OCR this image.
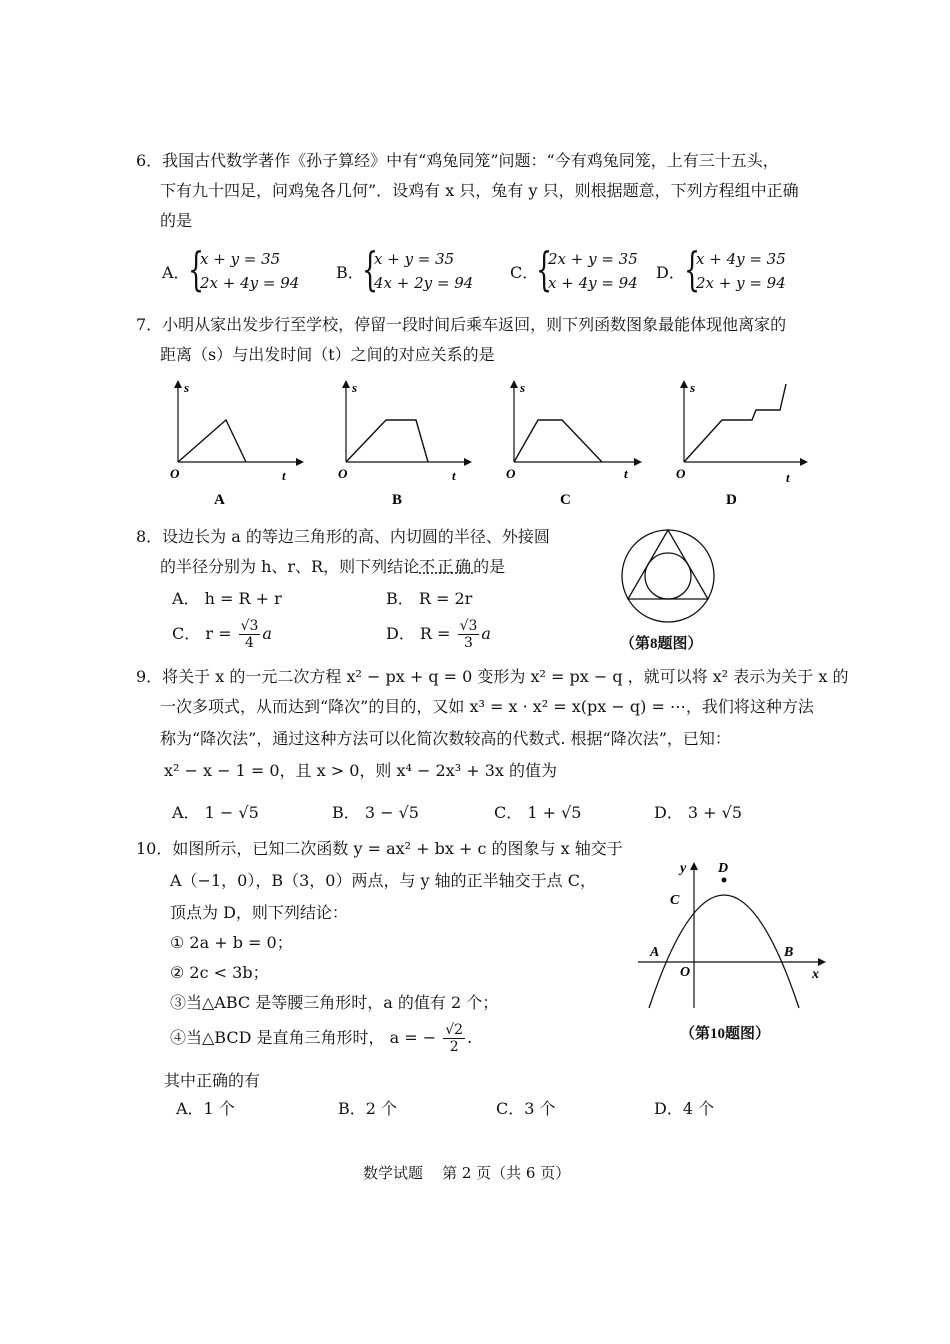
6．我国古代数学著作《孙子算经》中有“鸡兔同笼”问题：“今有鸡兔同笼，上有三十五头，
下有九十四足，问鸡兔各几何”．设鸡有 x 只，兔有 y 只，则根据题意，下列方程组中正确
的是
A．
{
x + y = 35
2x + 4y = 94
B．
{
x + y = 35
4x + 2y = 94
C．
{
2x + y = 35
x + 4y = 94
D． {
x + 4y = 35
2x + y = 94
7．小明从家出发步行至学校，停留一段时间后乘车返回，则下列函数图象最能体现他离家的
距离（s）与出发时间（t）之间的对应关系的是
s
O	t
A
s
O	t
B
s
O	t
C
s
O	t
D
8．设边长为 a 的等边三角形的高、内切圆的半径、外接圆
的半径分别为 h、r、R，则下列结论不正确的是
A． h = R + r	B． R = 2r
C． $r = \frac{√3}{4}$ a	D． $R = \frac{√3}{3}$ a
（第8题图）
9．将关于 x 的一元二次方程 x² − px + q = 0 变形为 x² = px − q ，就可以将 x² 表示为关于 x 的
一次多项式，从而达到“降次”的目的，又如 x³ = x · x² = x(px − q) = ⋯，我们将这种方法
称为“降次法”，通过这种方法可以化简次数较高的代数式. 根据“降次法”，已知：
x² − x − 1 = 0，且 x > 0，则 x⁴ − 2x³ + 3x 的值为
A． 1 − √5	B． 3 − √5	C． 1 + √5	D． 3 + √5
10．如图所示，已知二次函数 y = ax² + bx + c 的图象与 x 轴交于
A（−1，0），B（3，0）两点，与 y 轴的正半轴交于点 C，
顶点为 D，则下列结论：
① 2a + b = 0；
② 2c < 3b；
③当△ABC 是等腰三角形时，a 的值有 2 个；
④当△BCD 是直角三角形时， a = − $\frac{√2}{2}$ .
其中正确的有
A．1 个	B．2 个	C．3 个	D．4 个
y
x
D
C
A	B
O
（第10题图）
数学试题    第 2 页（共 6 页）
